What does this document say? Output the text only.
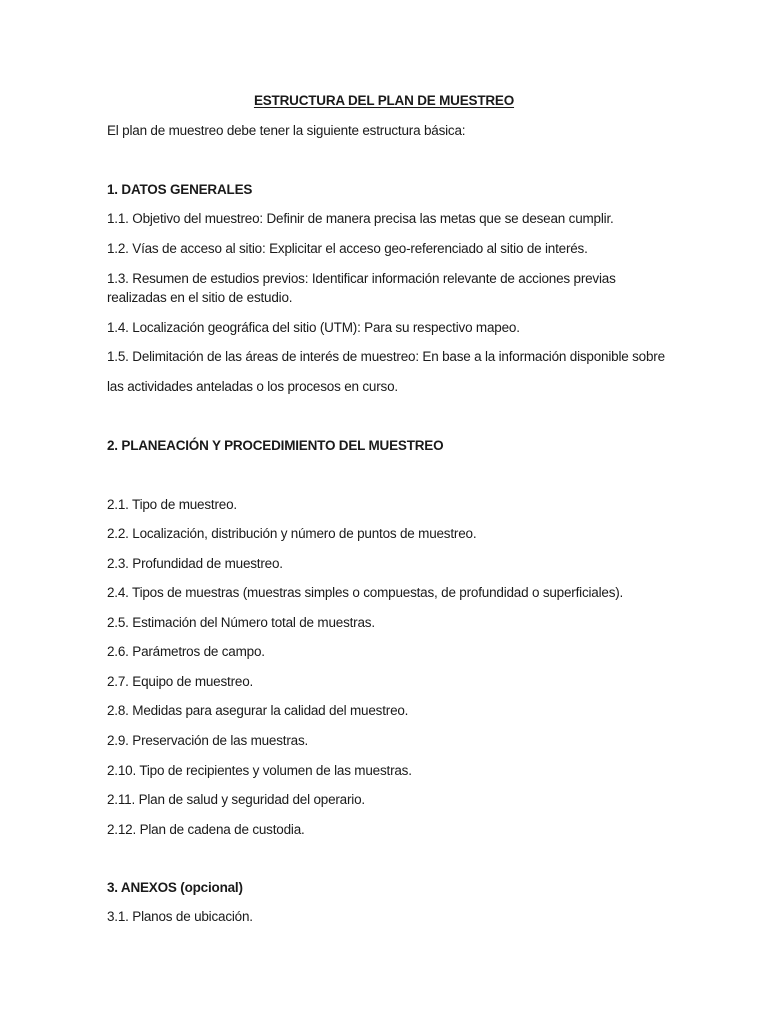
ESTRUCTURA DEL PLAN DE MUESTREO
El plan de muestreo debe tener la siguiente estructura básica:
1. DATOS GENERALES
1.1. Objetivo del muestreo: Definir de manera precisa las metas que se desean cumplir.
1.2. Vías de acceso al sitio: Explicitar el acceso geo-referenciado al sitio de interés.
1.3. Resumen de estudios previos: Identificar información relevante de acciones previas
realizadas en el sitio de estudio.
1.4. Localización geográfica del sitio (UTM): Para su respectivo mapeo.
1.5. Delimitación de las áreas de interés de muestreo: En base a la información disponible sobre
las actividades anteladas o los procesos en curso.
2. PLANEACIÓN Y PROCEDIMIENTO DEL MUESTREO
2.1. Tipo de muestreo.
2.2. Localización, distribución y número de puntos de muestreo.
2.3. Profundidad de muestreo.
2.4. Tipos de muestras (muestras simples o compuestas, de profundidad o superficiales).
2.5. Estimación del Número total de muestras.
2.6. Parámetros de campo.
2.7. Equipo de muestreo.
2.8. Medidas para asegurar la calidad del muestreo.
2.9. Preservación de las muestras.
2.10. Tipo de recipientes y volumen de las muestras.
2.11. Plan de salud y seguridad del operario.
2.12. Plan de cadena de custodia.
3. ANEXOS (opcional)
3.1. Planos de ubicación.
